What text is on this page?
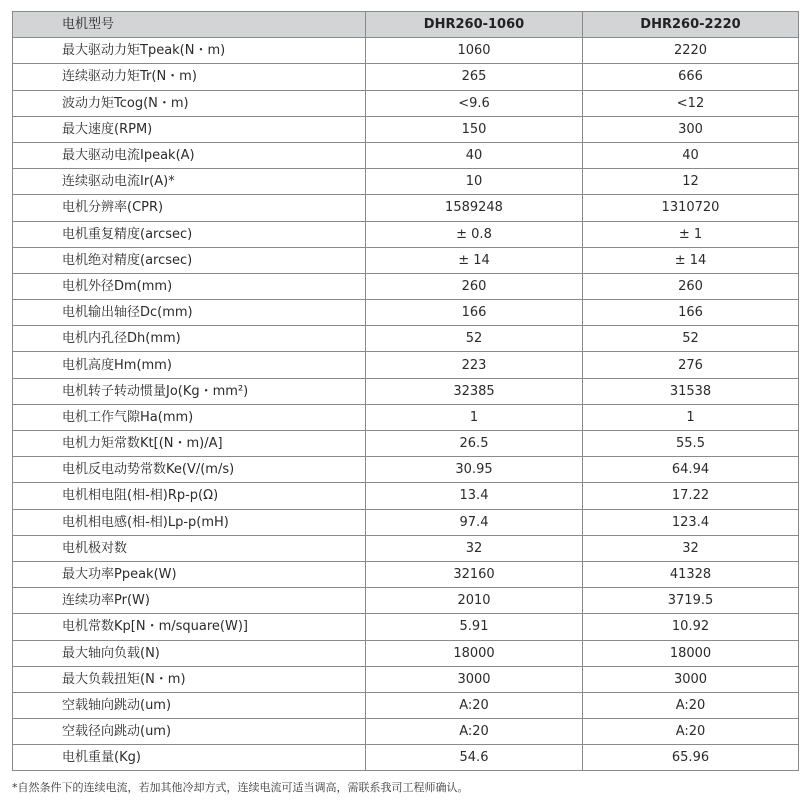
电机型号	DHR260-1060	DHR260-2220
最大驱动力矩Tpeak(N・m)	1060	2220
连续驱动力矩Tr(N・m)	265	666
波动力矩Tcog(N・m)	<9.6	<12
最大速度(RPM)	150	300
最大驱动电流Ipeak(A)	40	40
连续驱动电流Ir(A)*	10	12
电机分辨率(CPR)	1589248	1310720
电机重复精度(arcsec)	± 0.8	± 1
电机绝对精度(arcsec)	± 14	± 14
电机外径Dm(mm)	260	260
电机输出轴径Dc(mm)	166	166
电机内孔径Dh(mm)	52	52
电机高度Hm(mm)	223	276
电机转子转动惯量Jo(Kg・mm²)	32385	31538
电机工作气隙Ha(mm)	1	1
电机力矩常数Kt[(N・m)/A]	26.5	55.5
电机反电动势常数Ke(V/(m/s)	30.95	64.94
电机相电阻(相-相)Rp-p(Ω)	13.4	17.22
电机相电感(相-相)Lp-p(mH)	97.4	123.4
电机极对数	32	32
最大功率Ppeak(W)	32160	41328
连续功率Pr(W)	2010	3719.5
电机常数Kp[N・m/square(W)]	5.91	10.92
最大轴向负载(N)	18000	18000
最大负载扭矩(N・m)	3000	3000
空载轴向跳动(um)	A:20	A:20
空载径向跳动(um)	A:20	A:20
电机重量(Kg)	54.6	65.96
*自然条件下的连续电流，若加其他冷却方式，连续电流可适当调高，需联系我司工程师确认。
